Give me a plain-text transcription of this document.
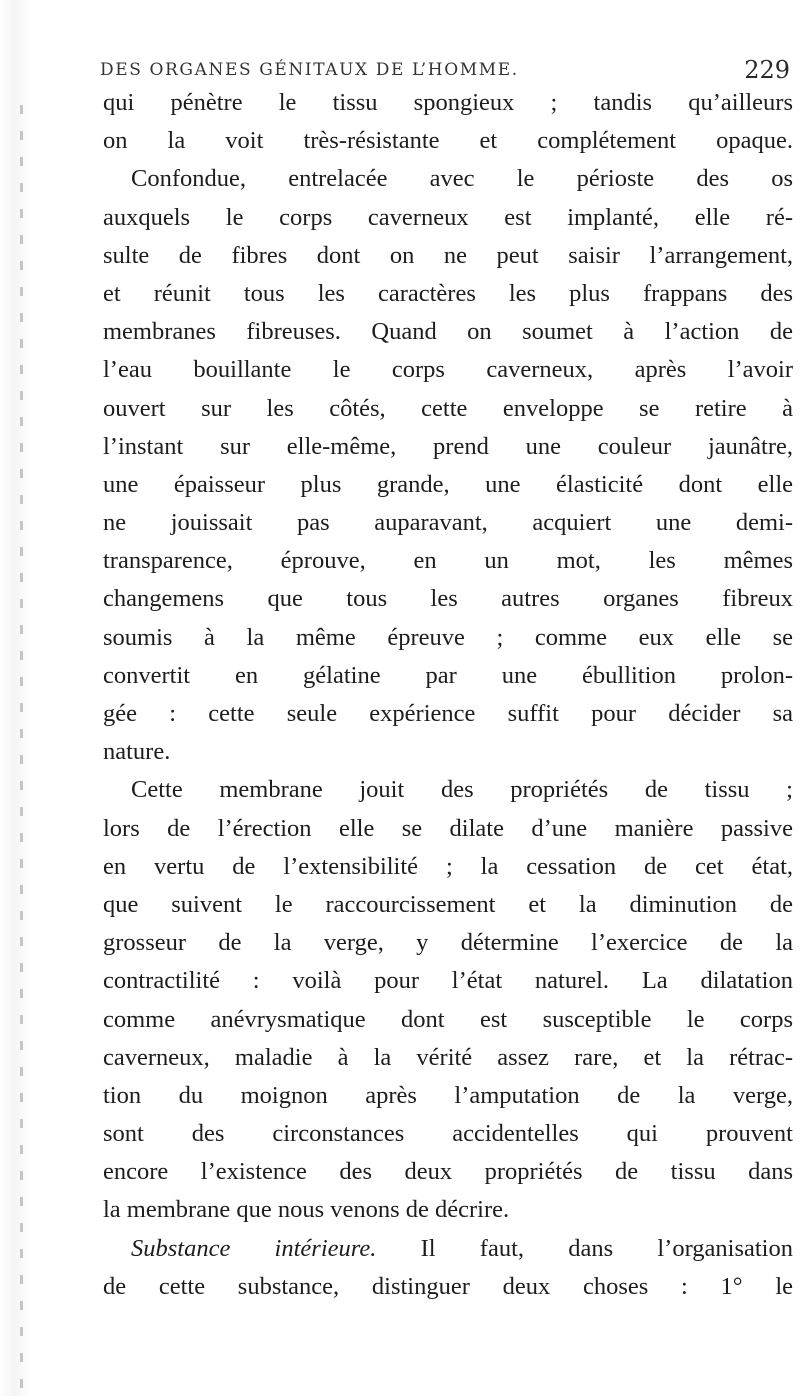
DES ORGANES GÉNITAUX DE L’HOMME.	229
qui pénètre le tissu spongieux ; tandis qu’ailleurs
on la voit très-résistante et complétement opaque.
Confondue, entrelacée avec le périoste des os
auxquels le corps caverneux est implanté, elle ré-
sulte de fibres dont on ne peut saisir l’arrangement,
et réunit tous les caractères les plus frappans des
membranes fibreuses. Quand on soumet à l’action de
l’eau bouillante le corps caverneux, après l’avoir
ouvert sur les côtés, cette enveloppe se retire à
l’instant sur elle-même, prend une couleur jaunâtre,
une épaisseur plus grande, une élasticité dont elle
ne jouissait pas auparavant, acquiert une demi-
transparence, éprouve, en un mot, les mêmes
changemens que tous les autres organes fibreux
soumis à la même épreuve ; comme eux elle se
convertit en gélatine par une ébullition prolon-
gée : cette seule expérience suffit pour décider sa
nature.
Cette membrane jouit des propriétés de tissu ;
lors de l’érection elle se dilate d’une manière passive
en vertu de l’extensibilité ; la cessation de cet état,
que suivent le raccourcissement et la diminution de
grosseur de la verge, y détermine l’exercice de la
contractilité : voilà pour l’état naturel. La dilatation
comme anévrysmatique dont est susceptible le corps
caverneux, maladie à la vérité assez rare, et la rétrac-
tion du moignon après l’amputation de la verge,
sont des circonstances accidentelles qui prouvent
encore l’existence des deux propriétés de tissu dans
la membrane que nous venons de décrire.
Substance intérieure. Il faut, dans l’organisation
de cette substance, distinguer deux choses : 1° le
